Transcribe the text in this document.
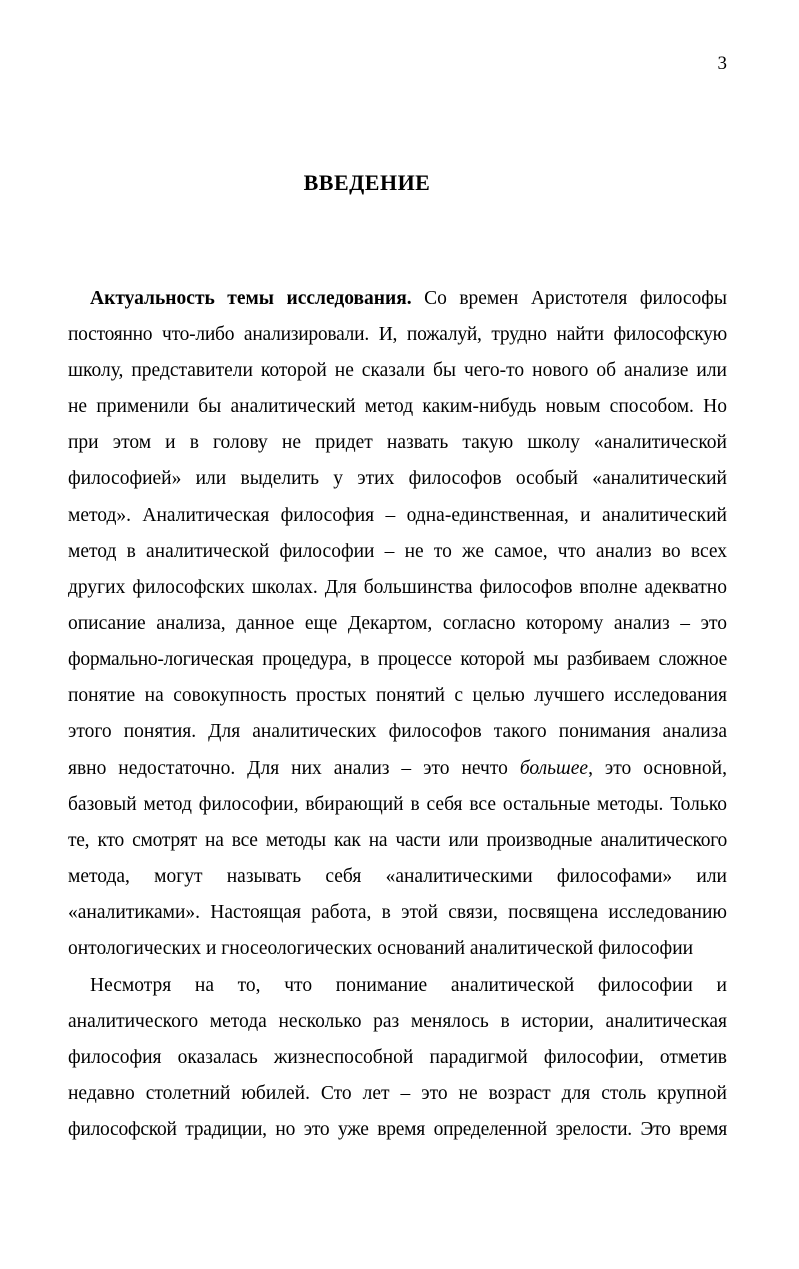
3
ВВЕДЕНИЕ
Актуальность темы исследования. Со времен Аристотеля философы
постоянно что-либо анализировали. И, пожалуй, трудно найти философскую
школу, представители которой не сказали бы чего-то нового об анализе или
не применили бы аналитический метод каким-нибудь новым способом. Но
при этом и в голову не придет назвать такую школу «аналитической
философией» или выделить у этих философов особый «аналитический
метод». Аналитическая философия – одна-единственная, и аналитический
метод в аналитической философии – не то же самое, что анализ во всех
других философских школах. Для большинства философов вполне адекватно
описание анализа, данное еще Декартом, согласно которому анализ – это
формально-логическая процедура, в процессе которой мы разбиваем сложное
понятие на совокупность простых понятий с целью лучшего исследования
этого понятия. Для аналитических философов такого понимания анализа
явно недостаточно. Для них анализ – это нечто большее, это основной,
базовый метод философии, вбирающий в себя все остальные методы. Только
те, кто смотрят на все методы как на части или производные аналитического
метода, могут называть себя «аналитическими философами» или
«аналитиками». Настоящая работа, в этой связи, посвящена исследованию
онтологических и гносеологических оснований аналитической философии
Несмотря на то, что понимание аналитической философии и
аналитического метода несколько раз менялось в истории, аналитическая
философия оказалась жизнеспособной парадигмой философии, отметив
недавно столетний юбилей. Сто лет – это не возраст для столь крупной
философской традиции, но это уже время определенной зрелости. Это время
